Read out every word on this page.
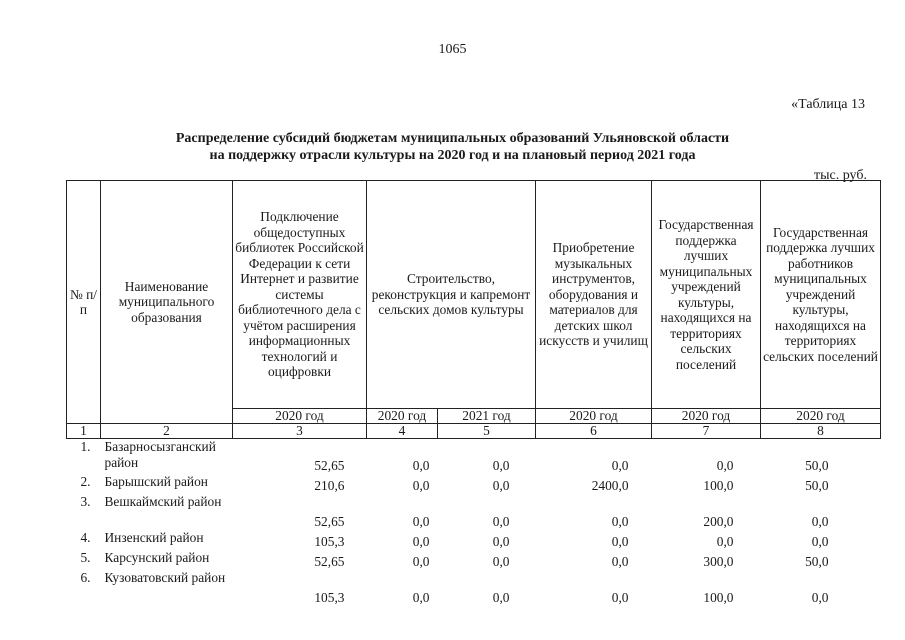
1065
«Таблица 13
Распределение субсидий бюджетам муниципальных образований Ульяновской области
на поддержку отрасли культуры на 2020 год и на плановый период 2021 года
тыс. руб.
№ п/п	Наименование муниципального образования	Подключение общедоступных библиотек Российской Федерации к сети Интернет и развитие системы библиотечного дела с учётом расширения информационных технологий и оцифровки	Строительство, реконструкция и капремонт сельских домов культуры		Приобретение музыкальных инструментов, оборудования и материалов для детских школ искусств и училищ	Государственная поддержка лучших муниципальных учреждений культуры, находящихся на территориях сельских поселений	Государственная поддержка лучших работников муниципальных учреждений культуры, находящихся на территориях сельских поселений
		2020 год	2020 год	2021 год	2020 год	2020 год	2020 год
1	2	3	4	5	6	7	8
1.	Базарносызганский район	52,65	0,0	0,0	0,0	0,0	50,0
2.	Барышский район	210,6	0,0	0,0	2400,0	100,0	50,0
3.	Вешкаймский район	52,65	0,0	0,0	0,0	200,0	0,0
4.	Инзенский район	105,3	0,0	0,0	0,0	0,0	0,0
5.	Карсунский район	52,65	0,0	0,0	0,0	300,0	50,0
6.	Кузоватовский район	105,3	0,0	0,0	0,0	100,0	0,0
